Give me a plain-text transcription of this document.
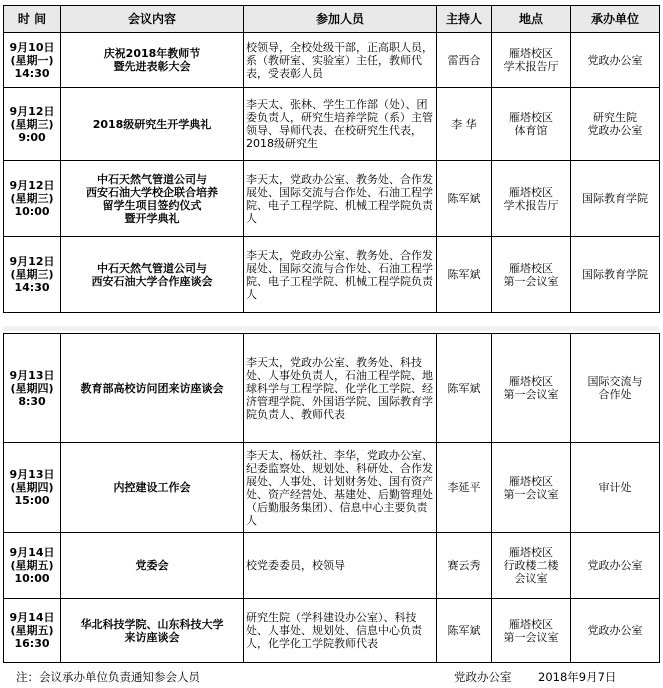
时 间	会议内容	参加人员	主持人	地点	承办单位

9月10日
(星期一)
14:30	庆祝2018年教师节
暨先进表彰大会	校领导，全校处级干部，正高职人员，系（教研室、实验室）主任，教师代表，受表彰人员	雷西合	雁塔校区
学术报告厅	党政办公室

9月12日
(星期三)
9:00	2018级研究生开学典礼	李天太、张林、学生工作部（处）、团委负责人，研究生培养学院（系）主管领导、导师代表、在校研究生代表，2018级研究生	李 华	雁塔校区
体育馆	研究生院
党政办公室

9月12日
(星期三)
10:00	中石天然气管道公司与
西安石油大学校企联合培养
留学生项目签约仪式
暨开学典礼	李天太，党政办公室、教务处、合作发展处、国际交流与合作处、石油工程学院、电子工程学院、机械工程学院负责人	陈军斌	雁塔校区
学术报告厅	国际教育学院

9月12日
(星期三)
14:30	中石天然气管道公司与
西安石油大学合作座谈会	李天太，党政办公室、教务处、合作发展处、国际交流与合作处、石油工程学院、电子工程学院、机械工程学院负责人	陈军斌	雁塔校区
第一会议室	国际教育学院
9月13日
(星期四)
8:30	教育部高校访问团来访座谈会	李天太，党政办公室、教务处、科技处、人事处负责人，石油工程学院、地球科学与工程学院、化学化工学院、经济管理学院、外国语学院、国际教育学院负责人、教师代表	陈军斌	雁塔校区
第一会议室	国际交流与
合作处

9月13日
(星期四)
15:00	内控建设工作会	李天太、杨妖社、李华，党政办公室、纪委监察处、规划处、科研处、合作发展处、人事处、计划财务处、国有资产处、资产经营处、基建处、后勤管理处（后勤服务集团）、信息中心主要负责人	李延平	雁塔校区
第一会议室	审计处

9月14日
(星期五)
10:00	党委会	校党委委员，校领导	赛云秀	雁塔校区
行政楼二楼
会议室	党政办公室

9月14日
(星期五)
16:30	华北科技学院、山东科技大学
来访座谈会	研究生院（学科建设办公室）、科技处、人事处、规划处、信息中心负责人，化学化工学院教师代表	陈军斌	雁塔校区
第一会议室	党政办公室
注：会议承办单位负责通知参会人员	党政办公室 2018年9月7日
